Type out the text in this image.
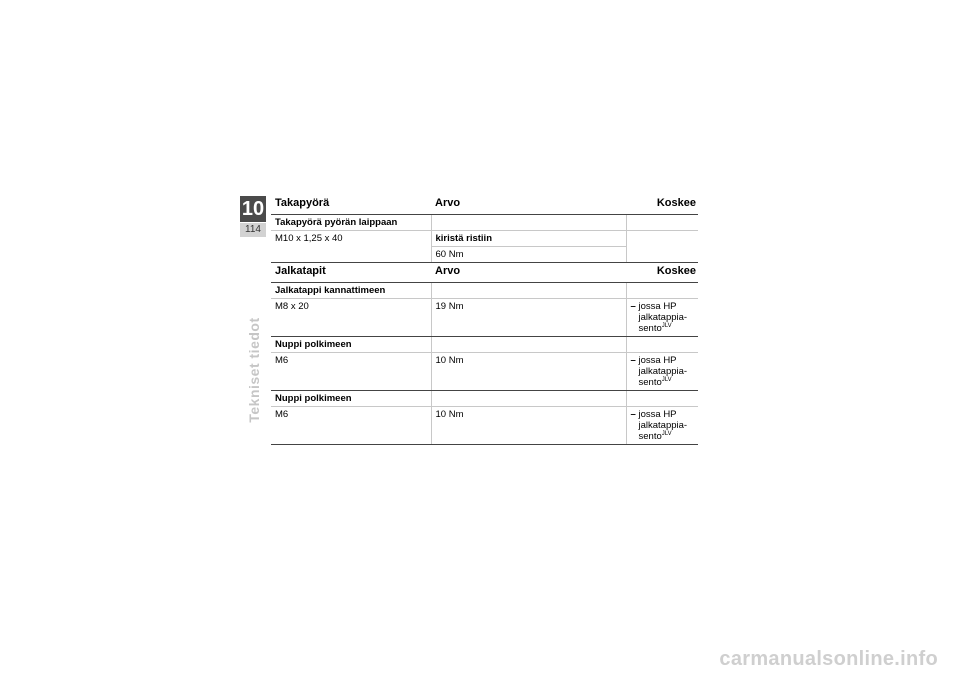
10
114
Tekniset tiedot
Takapyörä	Arvo	Koskee
Takapyörä pyörän laippaan		
M10 x 1,25 x 40	kiristä ristiin	
	60 Nm	
Jalkatapit	Arvo	Koskee
Jalkatappi kannattimeen		
M8 x 20	19 Nm	– jossa HP
jalkatappia-
sento$^{JLV}$

Nuppi polkimeen		
M6	10 Nm	– jossa HP
jalkatappia-
sento$^{JLV}$

Nuppi polkimeen		
M6	10 Nm	– jossa HP
jalkatappia-
sento$^{JLV}$
carmanualsonline.info
